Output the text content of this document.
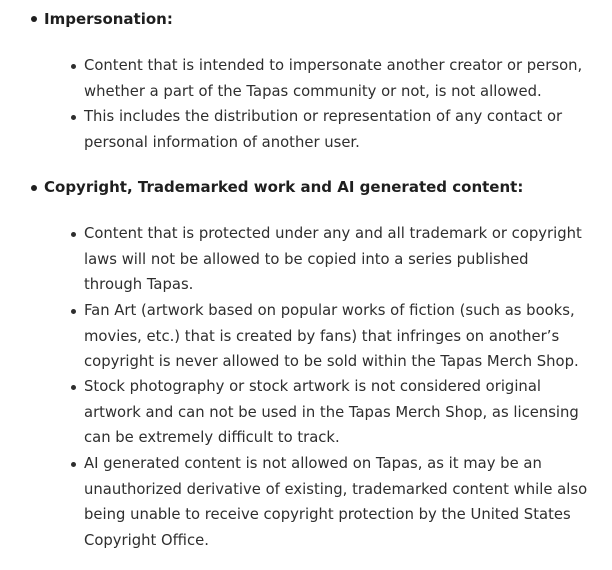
Impersonation:
Content that is intended to impersonate another creator or person, whether a part of the Tapas community or not, is not allowed.
This includes the distribution or representation of any contact or personal information of another user.
Copyright, Trademarked work and AI generated content:
Content that is protected under any and all trademark or copyright laws will not be allowed to be copied into a series published through Tapas.
Fan Art (artwork based on popular works of fiction (such as books, movies, etc.) that is created by fans) that infringes on another’s copyright is never allowed to be sold within the Tapas Merch Shop.
Stock photography or stock artwork is not considered original artwork and can not be used in the Tapas Merch Shop, as licensing can be extremely difficult to track.
AI generated content is not allowed on Tapas, as it may be an unauthorized derivative of existing, trademarked content while also being unable to receive copyright protection by the United States Copyright Office.
